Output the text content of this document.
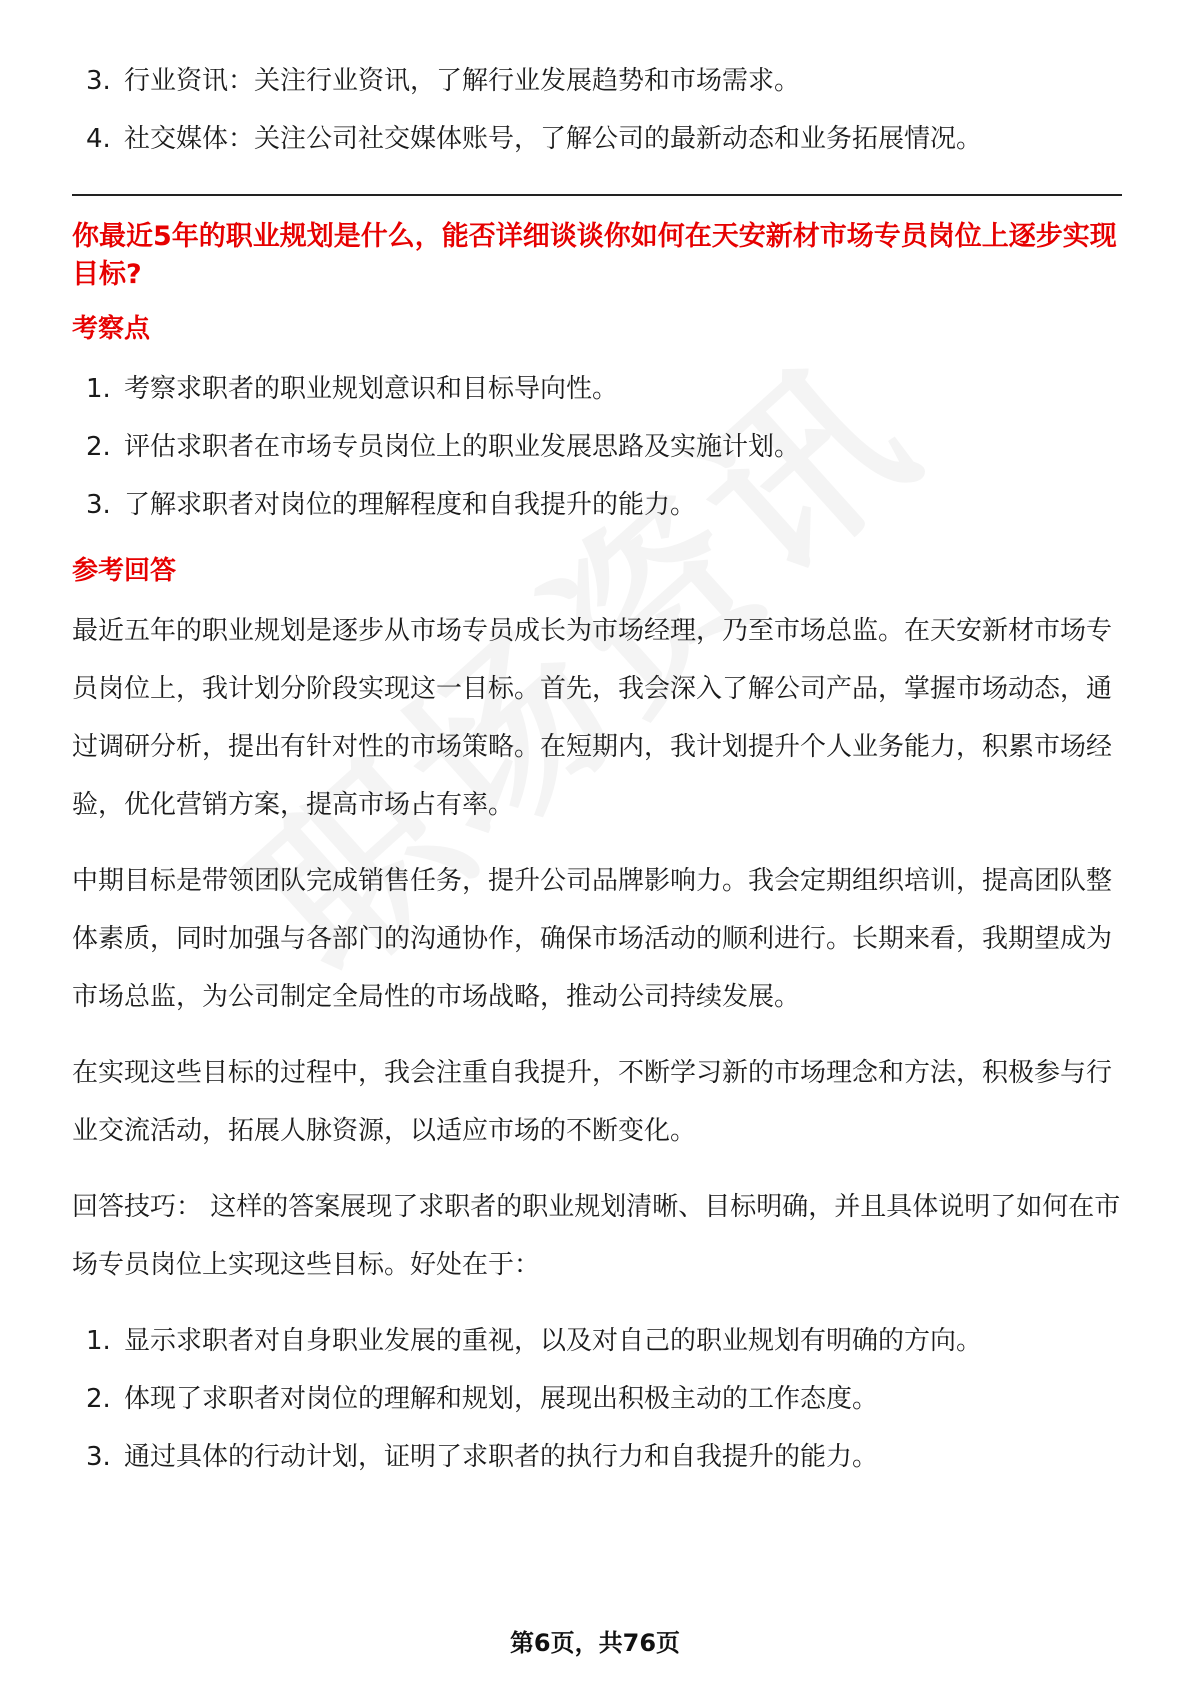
3. 行业资讯：关注行业资讯，了解行业发展趋势和市场需求。
4. 社交媒体：关注公司社交媒体账号，了解公司的最新动态和业务拓展情况。

你最近5年的职业规划是什么，能否详细谈谈你如何在天安新材市场专员岗位上逐步实现目标?

考察点
1. 考察求职者的职业规划意识和目标导向性。
2. 评估求职者在市场专员岗位上的职业发展思路及实施计划。
3. 了解求职者对岗位的理解程度和自我提升的能力。
参考回答

最近五年的职业规划是逐步从市场专员成长为市场经理，乃至市场总监。在天安新材市场专员岗位上，我计划分阶段实现这一目标。首先，我会深入了解公司产品，掌握市场动态，通过调研分析，提出有针对性的市场策略。在短期内，我计划提升个人业务能力，积累市场经验，优化营销方案，提高市场占有率。

中期目标是带领团队完成销售任务，提升公司品牌影响力。我会定期组织培训，提高团队整体素质，同时加强与各部门的沟通协作，确保市场活动的顺利进行。长期来看，我期望成为市场总监，为公司制定全局性的市场战略，推动公司持续发展。

在实现这些目标的过程中，我会注重自我提升，不断学习新的市场理念和方法，积极参与行业交流活动，拓展人脉资源，以适应市场的不断变化。

回答技巧： 这样的答案展现了求职者的职业规划清晰、目标明确，并且具体说明了如何在市场专员岗位上实现这些目标。好处在于：

1. 显示求职者对自身职业发展的重视，以及对自己的职业规划有明确的方向。
2. 体现了求职者对岗位的理解和规划，展现出积极主动的工作态度。
3. 通过具体的行动计划，证明了求职者的执行力和自我提升的能力。
第6页，共76页
